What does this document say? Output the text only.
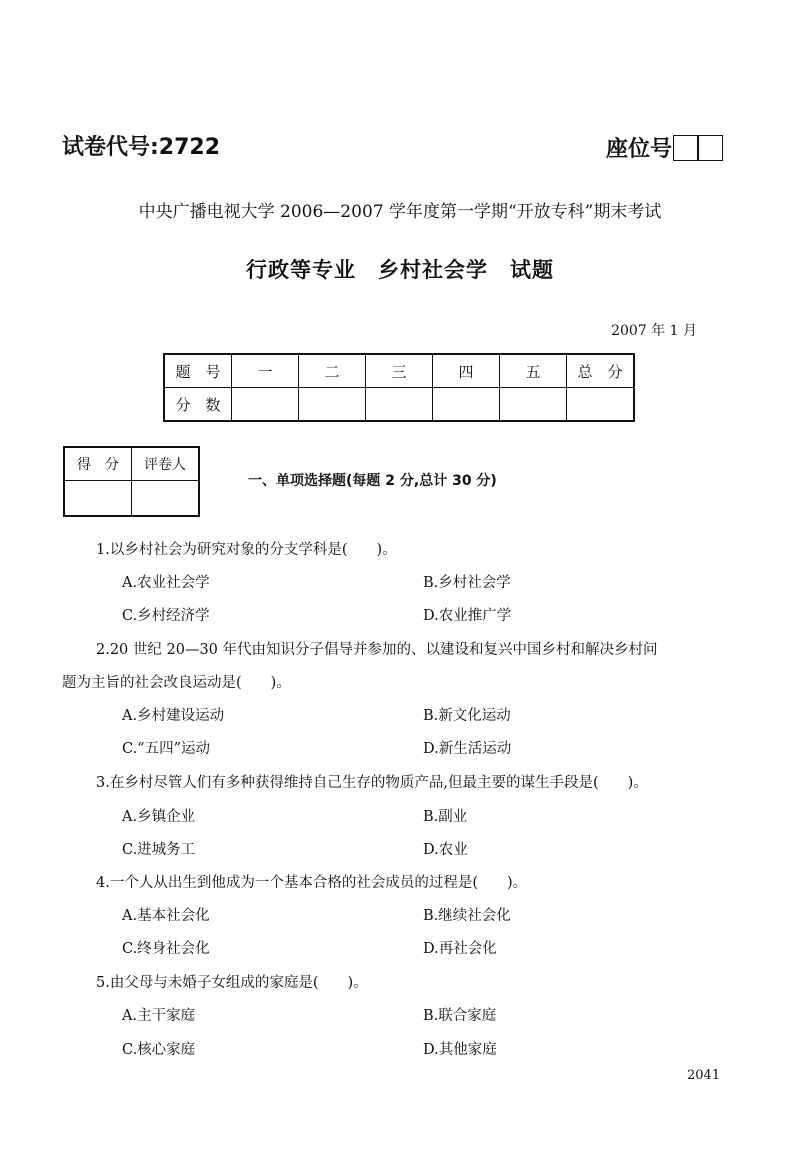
试卷代号:2722	座位号
中央广播电视大学 2006—2007 学年度第一学期“开放专科”期末考试
行政等专业　乡村社会学　试题
2007 年 1 月
题　号	一	二	三	四	五	总　分
分　数						
得　分	评卷人

一、单项选择题(每题 2 分,总计 30 分)
1.以乡村社会为研究对象的分支学科是(　　)。
A.农业社会学	B.乡村社会学
C.乡村经济学	D.农业推广学
2.20 世纪 20—30 年代由知识分子倡导并参加的、以建设和复兴中国乡村和解决乡村问
题为主旨的社会改良运动是(　　)。
A.乡村建设运动	B.新文化运动
C.“五四”运动	D.新生活运动
3.在乡村尽管人们有多种获得维持自己生存的物质产品,但最主要的谋生手段是(　　)。
A.乡镇企业	B.副业
C.进城务工	D.农业
4.一个人从出生到他成为一个基本合格的社会成员的过程是(　　)。
A.基本社会化	B.继续社会化
C.终身社会化	D.再社会化
5.由父母与未婚子女组成的家庭是(　　)。
A.主干家庭	B.联合家庭
C.核心家庭	D.其他家庭
2041
